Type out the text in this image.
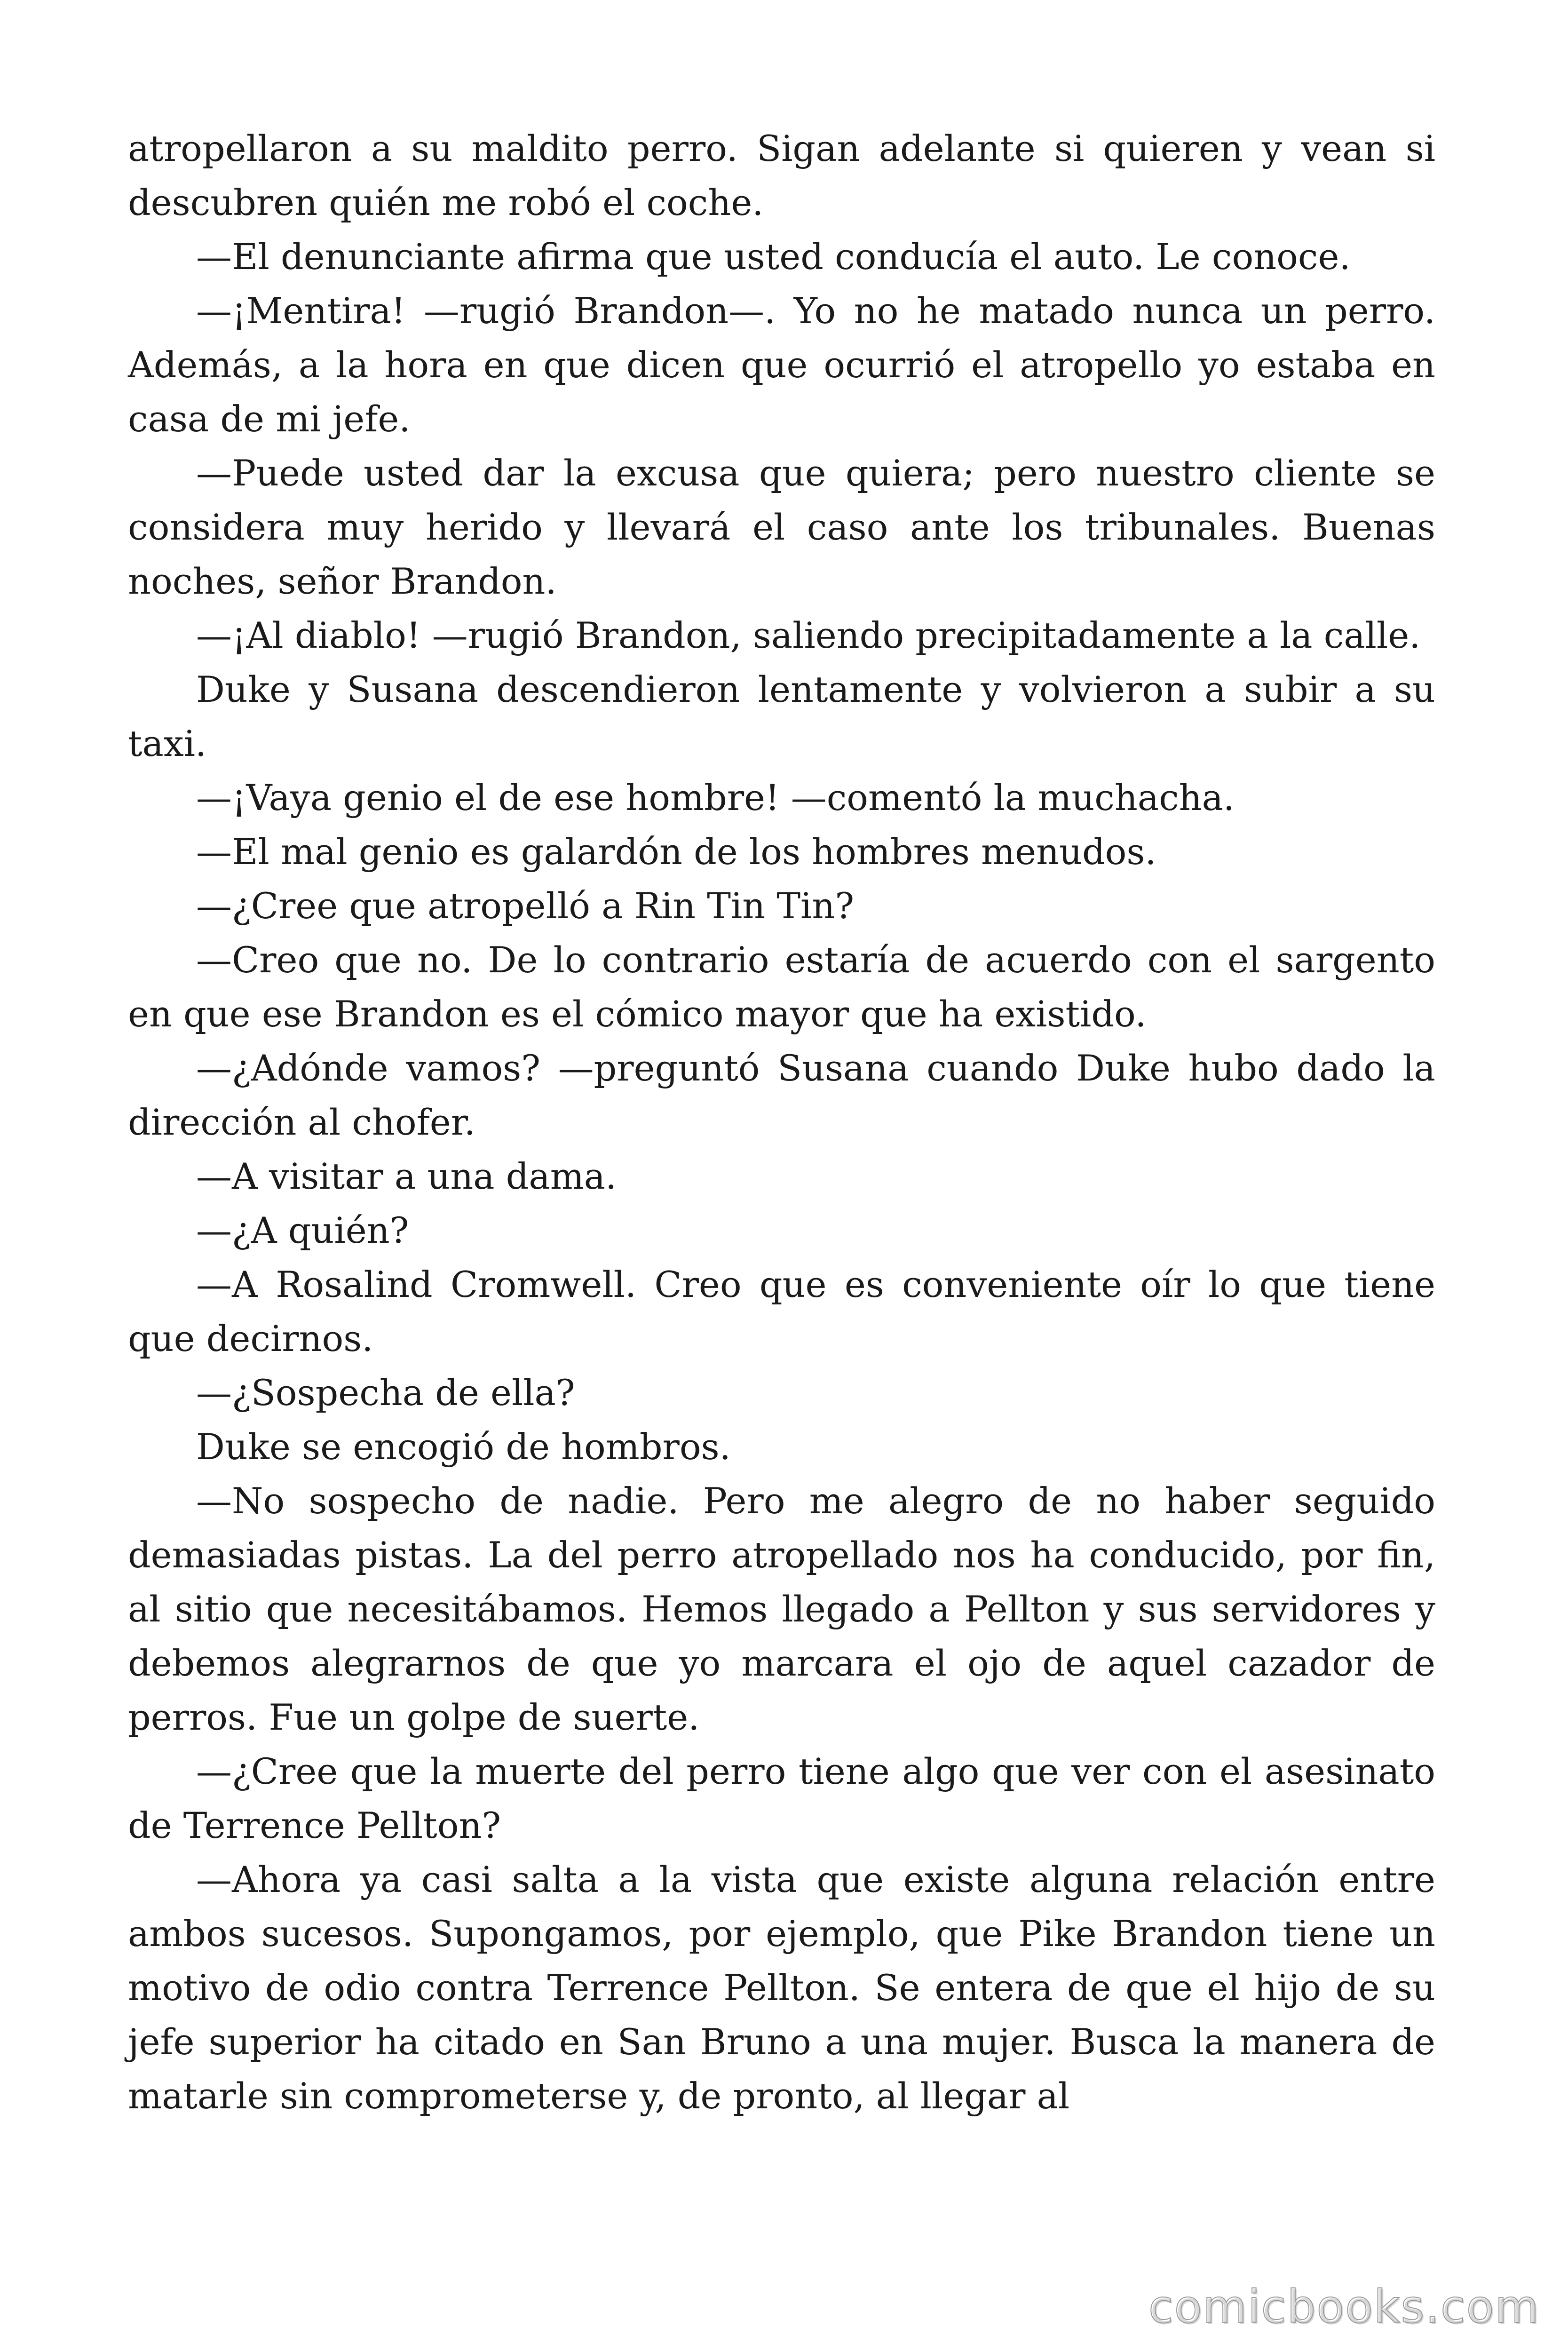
atropellaron a su maldito perro. Sigan adelante si quieren y vean si descubren quién me robó el coche.

—El denunciante afirma que usted conducía el auto. Le conoce.

—¡Mentira! —rugió Brandon—. Yo no he matado nunca un perro. Además, a la hora en que dicen que ocurrió el atropello yo estaba en casa de mi jefe.

—Puede usted dar la excusa que quiera; pero nuestro cliente se considera muy herido y llevará el caso ante los tribunales. Buenas noches, señor Brandon.

—¡Al diablo! —rugió Brandon, saliendo precipitadamente a la calle.

Duke y Susana descendieron lentamente y volvieron a subir a su taxi.

—¡Vaya genio el de ese hombre! —comentó la muchacha.

—El mal genio es galardón de los hombres menudos.

—¿Cree que atropelló a Rin Tin Tin?

—Creo que no. De lo contrario estaría de acuerdo con el sargento en que ese Brandon es el cómico mayor que ha existido.

—¿Adónde vamos? —preguntó Susana cuando Duke hubo dado la dirección al chofer.

—A visitar a una dama.

—¿A quién?

—A Rosalind Cromwell. Creo que es conveniente oír lo que tiene que decirnos.

—¿Sospecha de ella?

Duke se encogió de hombros.

—No sospecho de nadie. Pero me alegro de no haber seguido demasiadas pistas. La del perro atropellado nos ha conducido, por fin, al sitio que necesitábamos. Hemos llegado a Pellton y sus servidores y debemos alegrarnos de que yo marcara el ojo de aquel cazador de perros. Fue un golpe de suerte.

—¿Cree que la muerte del perro tiene algo que ver con el asesinato de Terrence Pellton?

—Ahora ya casi salta a la vista que existe alguna relación entre ambos sucesos. Supongamos, por ejemplo, que Pike Brandon tiene un motivo de odio contra Terrence Pellton. Se entera de que el hijo de su jefe superior ha citado en San Bruno a una mujer. Busca la manera de matarle sin comprometerse y, de pronto, al llegar al

comicbooks.com
